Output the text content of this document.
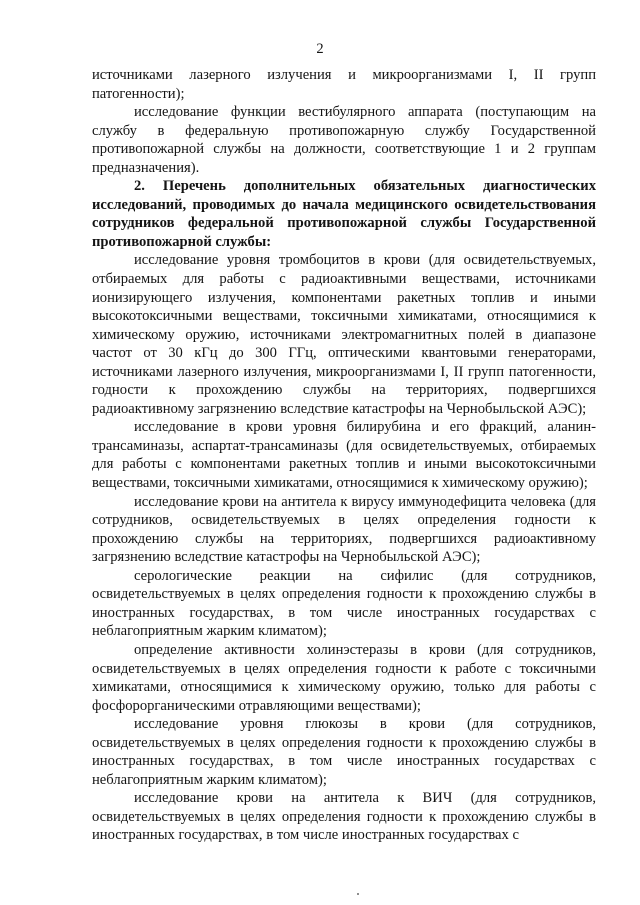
2

источниками лазерного излучения и микроорганизмами I, II групп патогенности);

исследование функции вестибулярного аппарата (поступающим на службу в федеральную противопожарную службу Государственной противопожарной службы на должности, соответствующие 1 и 2 группам предназначения).

2. Перечень дополнительных обязательных диагностических исследований, проводимых до начала медицинского освидетельствования сотрудников федеральной противопожарной службы Государственной противопожарной службы:

исследование уровня тромбоцитов в крови (для освидетельствуемых, отбираемых для работы с радиоактивными веществами, источниками ионизирующего излучения, компонентами ракетных топлив и иными высокотоксичными веществами, токсичными химикатами, относящимися к химическому оружию, источниками электромагнитных полей в диапазоне частот от 30 кГц до 300 ГГц, оптическими квантовыми генераторами, источниками лазерного излучения, микроорганизмами I, II групп патогенности, годности к прохождению службы на территориях, подвергшихся радиоактивному загрязнению вследствие катастрофы на Чернобыльской АЭС);

исследование в крови уровня билирубина и его фракций, аланин-трансаминазы, аспартат-трансаминазы (для освидетельствуемых, отбираемых для работы с компонентами ракетных топлив и иными высокотоксичными веществами, токсичными химикатами, относящимися к химическому оружию);

исследование крови на антитела к вирусу иммунодефицита человека (для сотрудников, освидетельствуемых в целях определения годности к прохождению службы на территориях, подвергшихся радиоактивному загрязнению вследствие катастрофы на Чернобыльской АЭС);

серологические реакции на сифилис (для сотрудников, освидетельствуемых в целях определения годности к прохождению службы в иностранных государствах, в том числе иностранных государствах с неблагоприятным жарким климатом);

определение активности холинэстеразы в крови (для сотрудников, освидетельствуемых в целях определения годности к работе с токсичными химикатами, относящимися к химическому оружию, только для работы с фосфорорганическими отравляющими веществами);

исследование уровня глюкозы в крови (для сотрудников, освидетельствуемых в целях определения годности к прохождению службы в иностранных государствах, в том числе иностранных государствах с неблагоприятным жарким климатом);

исследование крови на антитела к ВИЧ (для сотрудников, освидетельствуемых в целях определения годности к прохождению службы в иностранных государствах, в том числе иностранных государствах с
